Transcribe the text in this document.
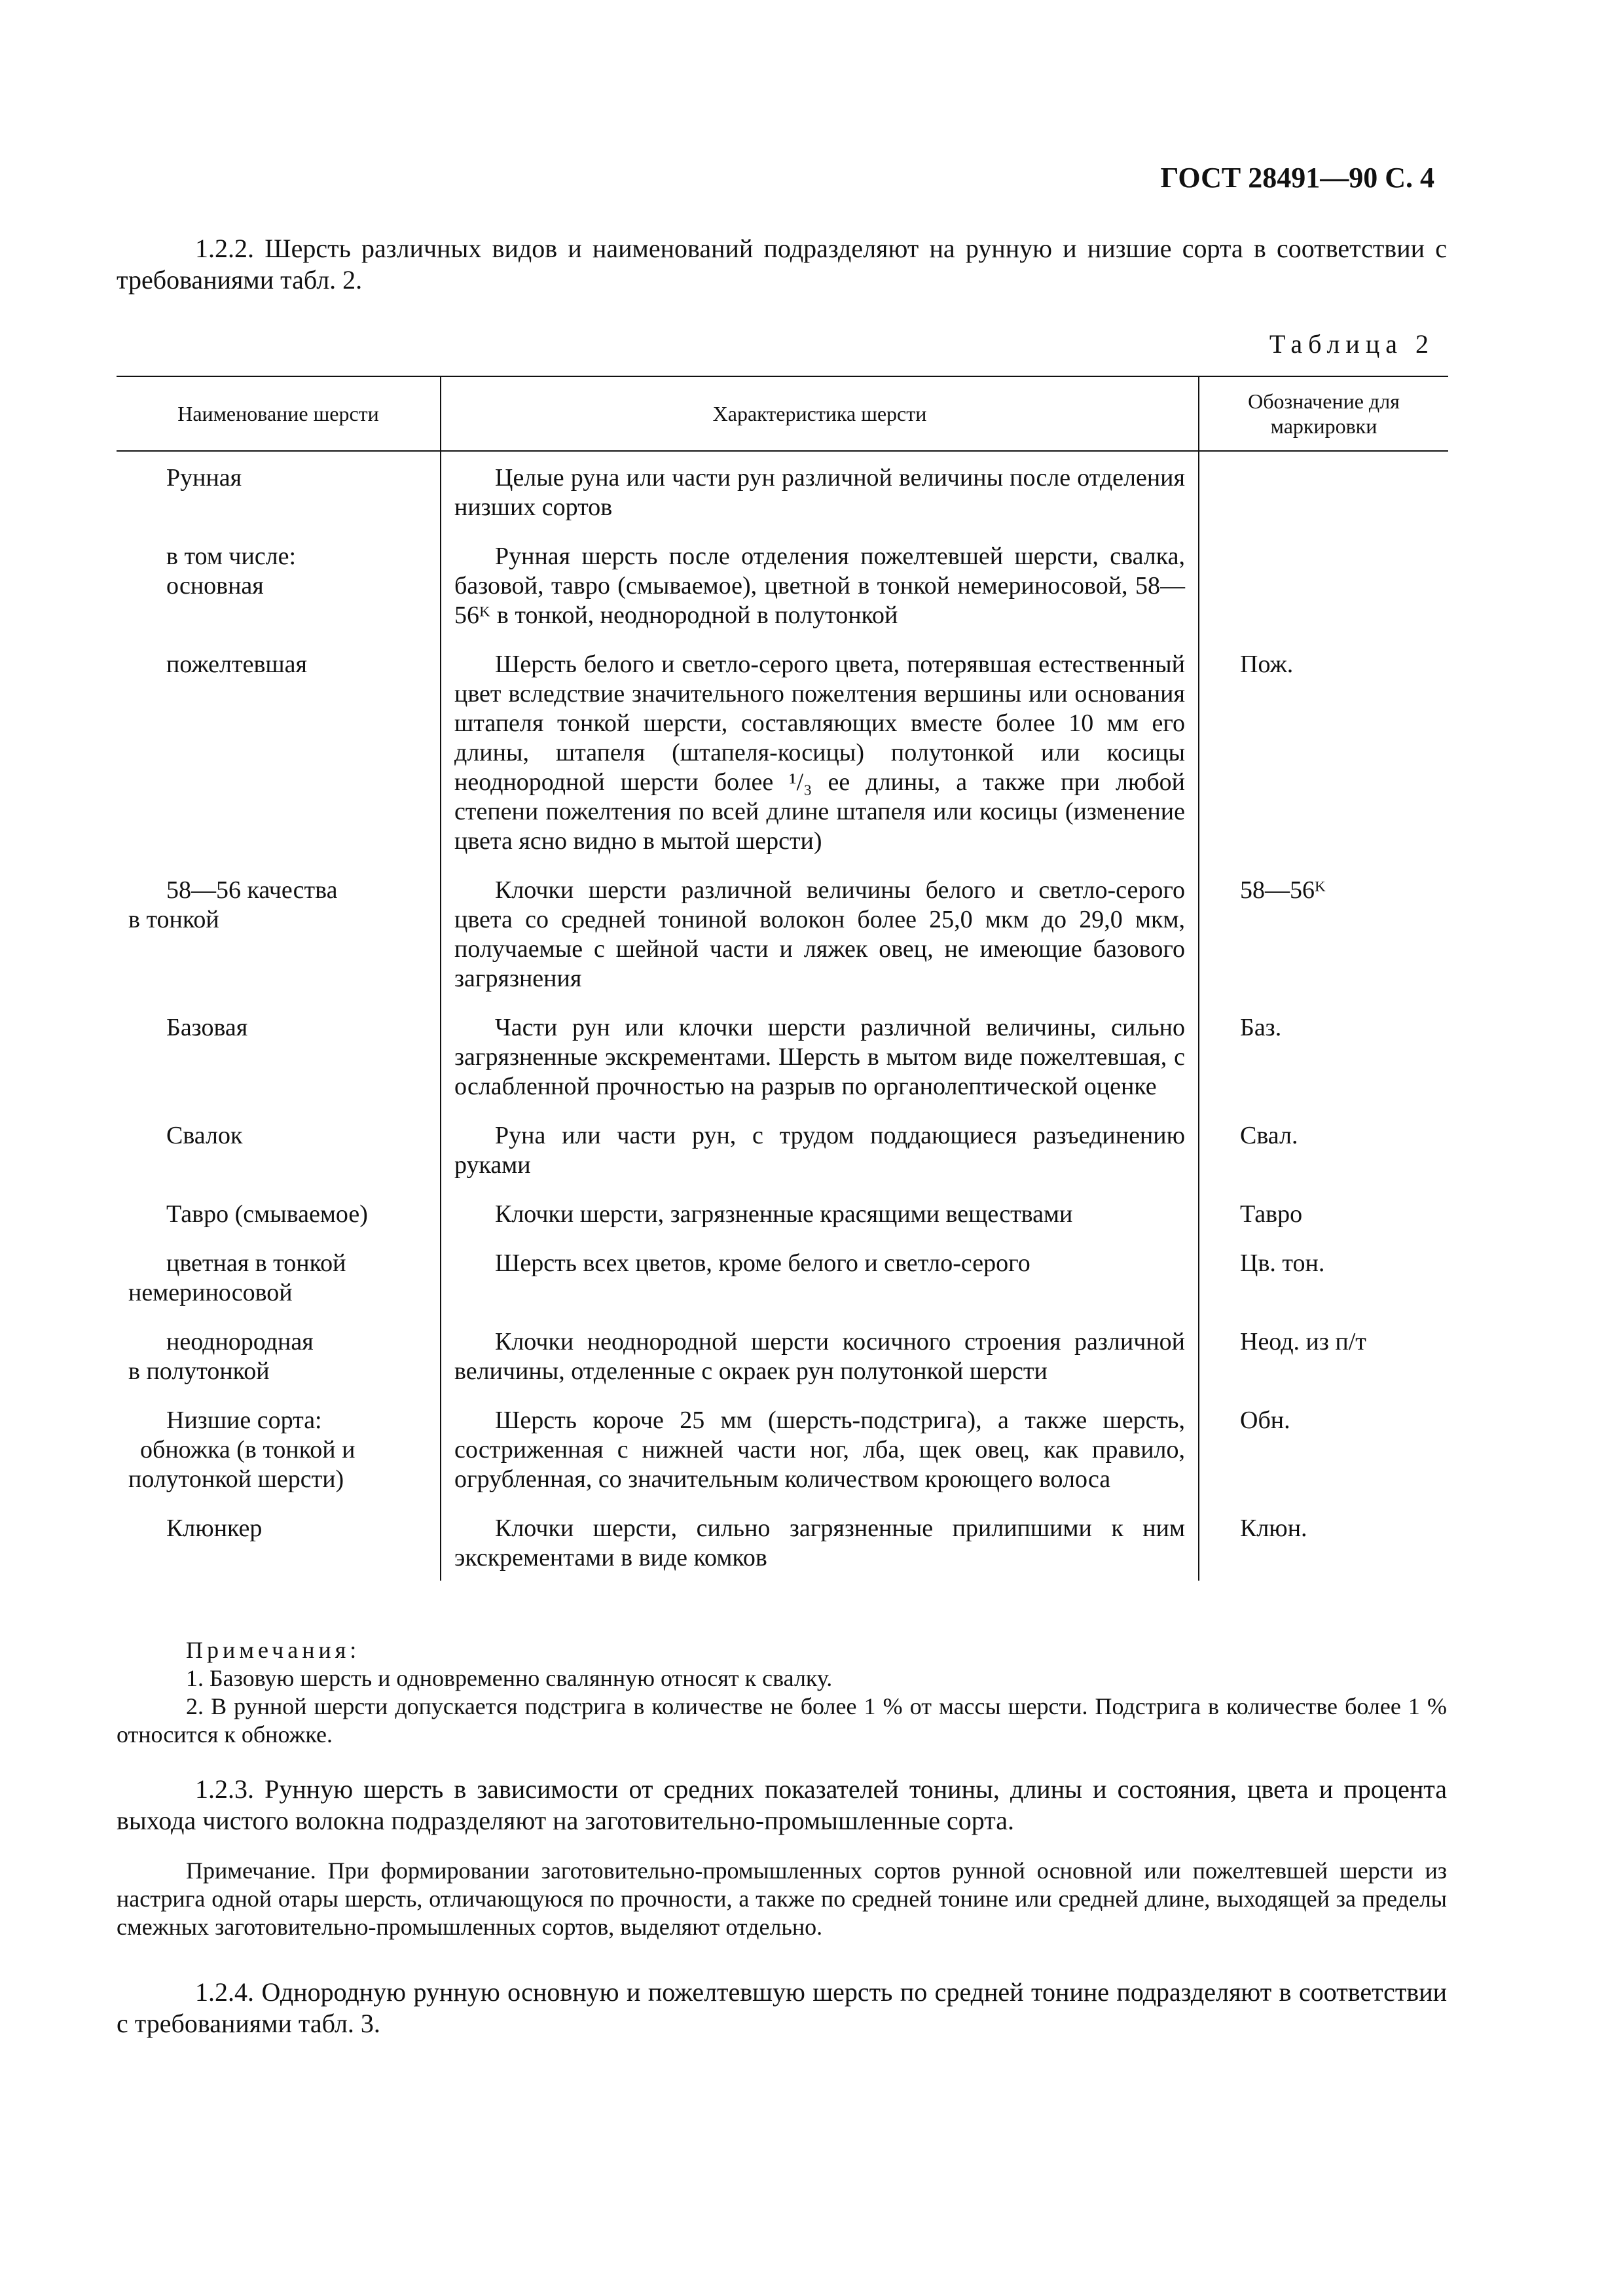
ГОСТ 28491—90 С. 4
1.2.2. Шерсть различных видов и наименований подразделяют на рунную и низшие сорта в соответствии с требованиями табл. 2.
Таблица 2
Наименование шерсти	Характеристика шерсти	Обозначение для маркировки

Рунная	Целые руна или части рун различной величины после отделения низших сортов	

в том числе:
основная	Рунная шерсть после отделения пожелтевшей шерсти, свалка, базовой, тавро (смываемое), цветной в тонкой немериносовой, 58—56ᴷ в тонкой, неоднородной в полутонкой	

пожелтевшая	Шерсть белого и светло-серого цвета, потерявшая естественный цвет вследствие значительного пожелтения вершины или основания штапеля тонкой шерсти, составляющих вместе более 10 мм его длины, штапеля (штапеля-косицы) полутонкой или косицы неоднородной шерсти более ¹/₃ ее длины, а также при любой степени пожелтения по всей длине штапеля или косицы (изменение цвета ясно видно в мытой шерсти)	Пож.

58—56 качества
в тонкой	Клочки шерсти различной величины белого и светло-серого цвета со средней тониной волокон более 25,0 мкм до 29,0 мкм, получаемые с шейной части и ляжек овец, не имеющие базового загрязнения	58—56ᴷ

Базовая	Части рун или клочки шерсти различной величины, сильно загрязненные экскрементами. Шерсть в мытом виде пожелтевшая, с ослабленной прочностью на разрыв по органолептической оценке	Баз.

Свалок	Руна или части рун, с трудом поддающиеся разъединению руками	Свал.

Тавро (смываемое)	Клочки шерсти, загрязненные красящими веществами	Тавро

цветная в тонкой
немериносовой	Шерсть всех цветов, кроме белого и светло-серого	Цв. тон.

неоднородная
в полутонкой	Клочки неоднородной шерсти косичного строения различной величины, отделенные с окраек рун полутонкой шерсти	Неод. из п/т

Низшие сорта:
обножка (в тонкой и
полутонкой шерсти)	Шерсть короче 25 мм (шерсть-подстрига), а также шерсть, состриженная с нижней части ног, лба, щек овец, как правило, огрубленная, со значительным количеством кроющего волоса	Обн.

Клюнкер	Клочки шерсти, сильно загрязненные прилипшими к ним экскрементами в виде комков	Клюн.
Примечания:
1. Базовую шерсть и одновременно свалянную относят к свалку.
2. В рунной шерсти допускается подстрига в количестве не более 1 % от массы шерсти. Подстрига в количестве более 1 % относится к обножке.
1.2.3. Рунную шерсть в зависимости от средних показателей тонины, длины и состояния, цвета и процента выхода чистого волокна подразделяют на заготовительно-промышленные сорта.
Примечание. При формировании заготовительно-промышленных сортов рунной основной или пожелтевшей шерсти из настрига одной отары шерсть, отличающуюся по прочности, а также по средней тонине или средней длине, выходящей за пределы смежных заготовительно-промышленных сортов, выделяют отдельно.
1.2.4. Однородную рунную основную и пожелтевшую шерсть по средней тонине подразделяют в соответствии с требованиями табл. 3.
